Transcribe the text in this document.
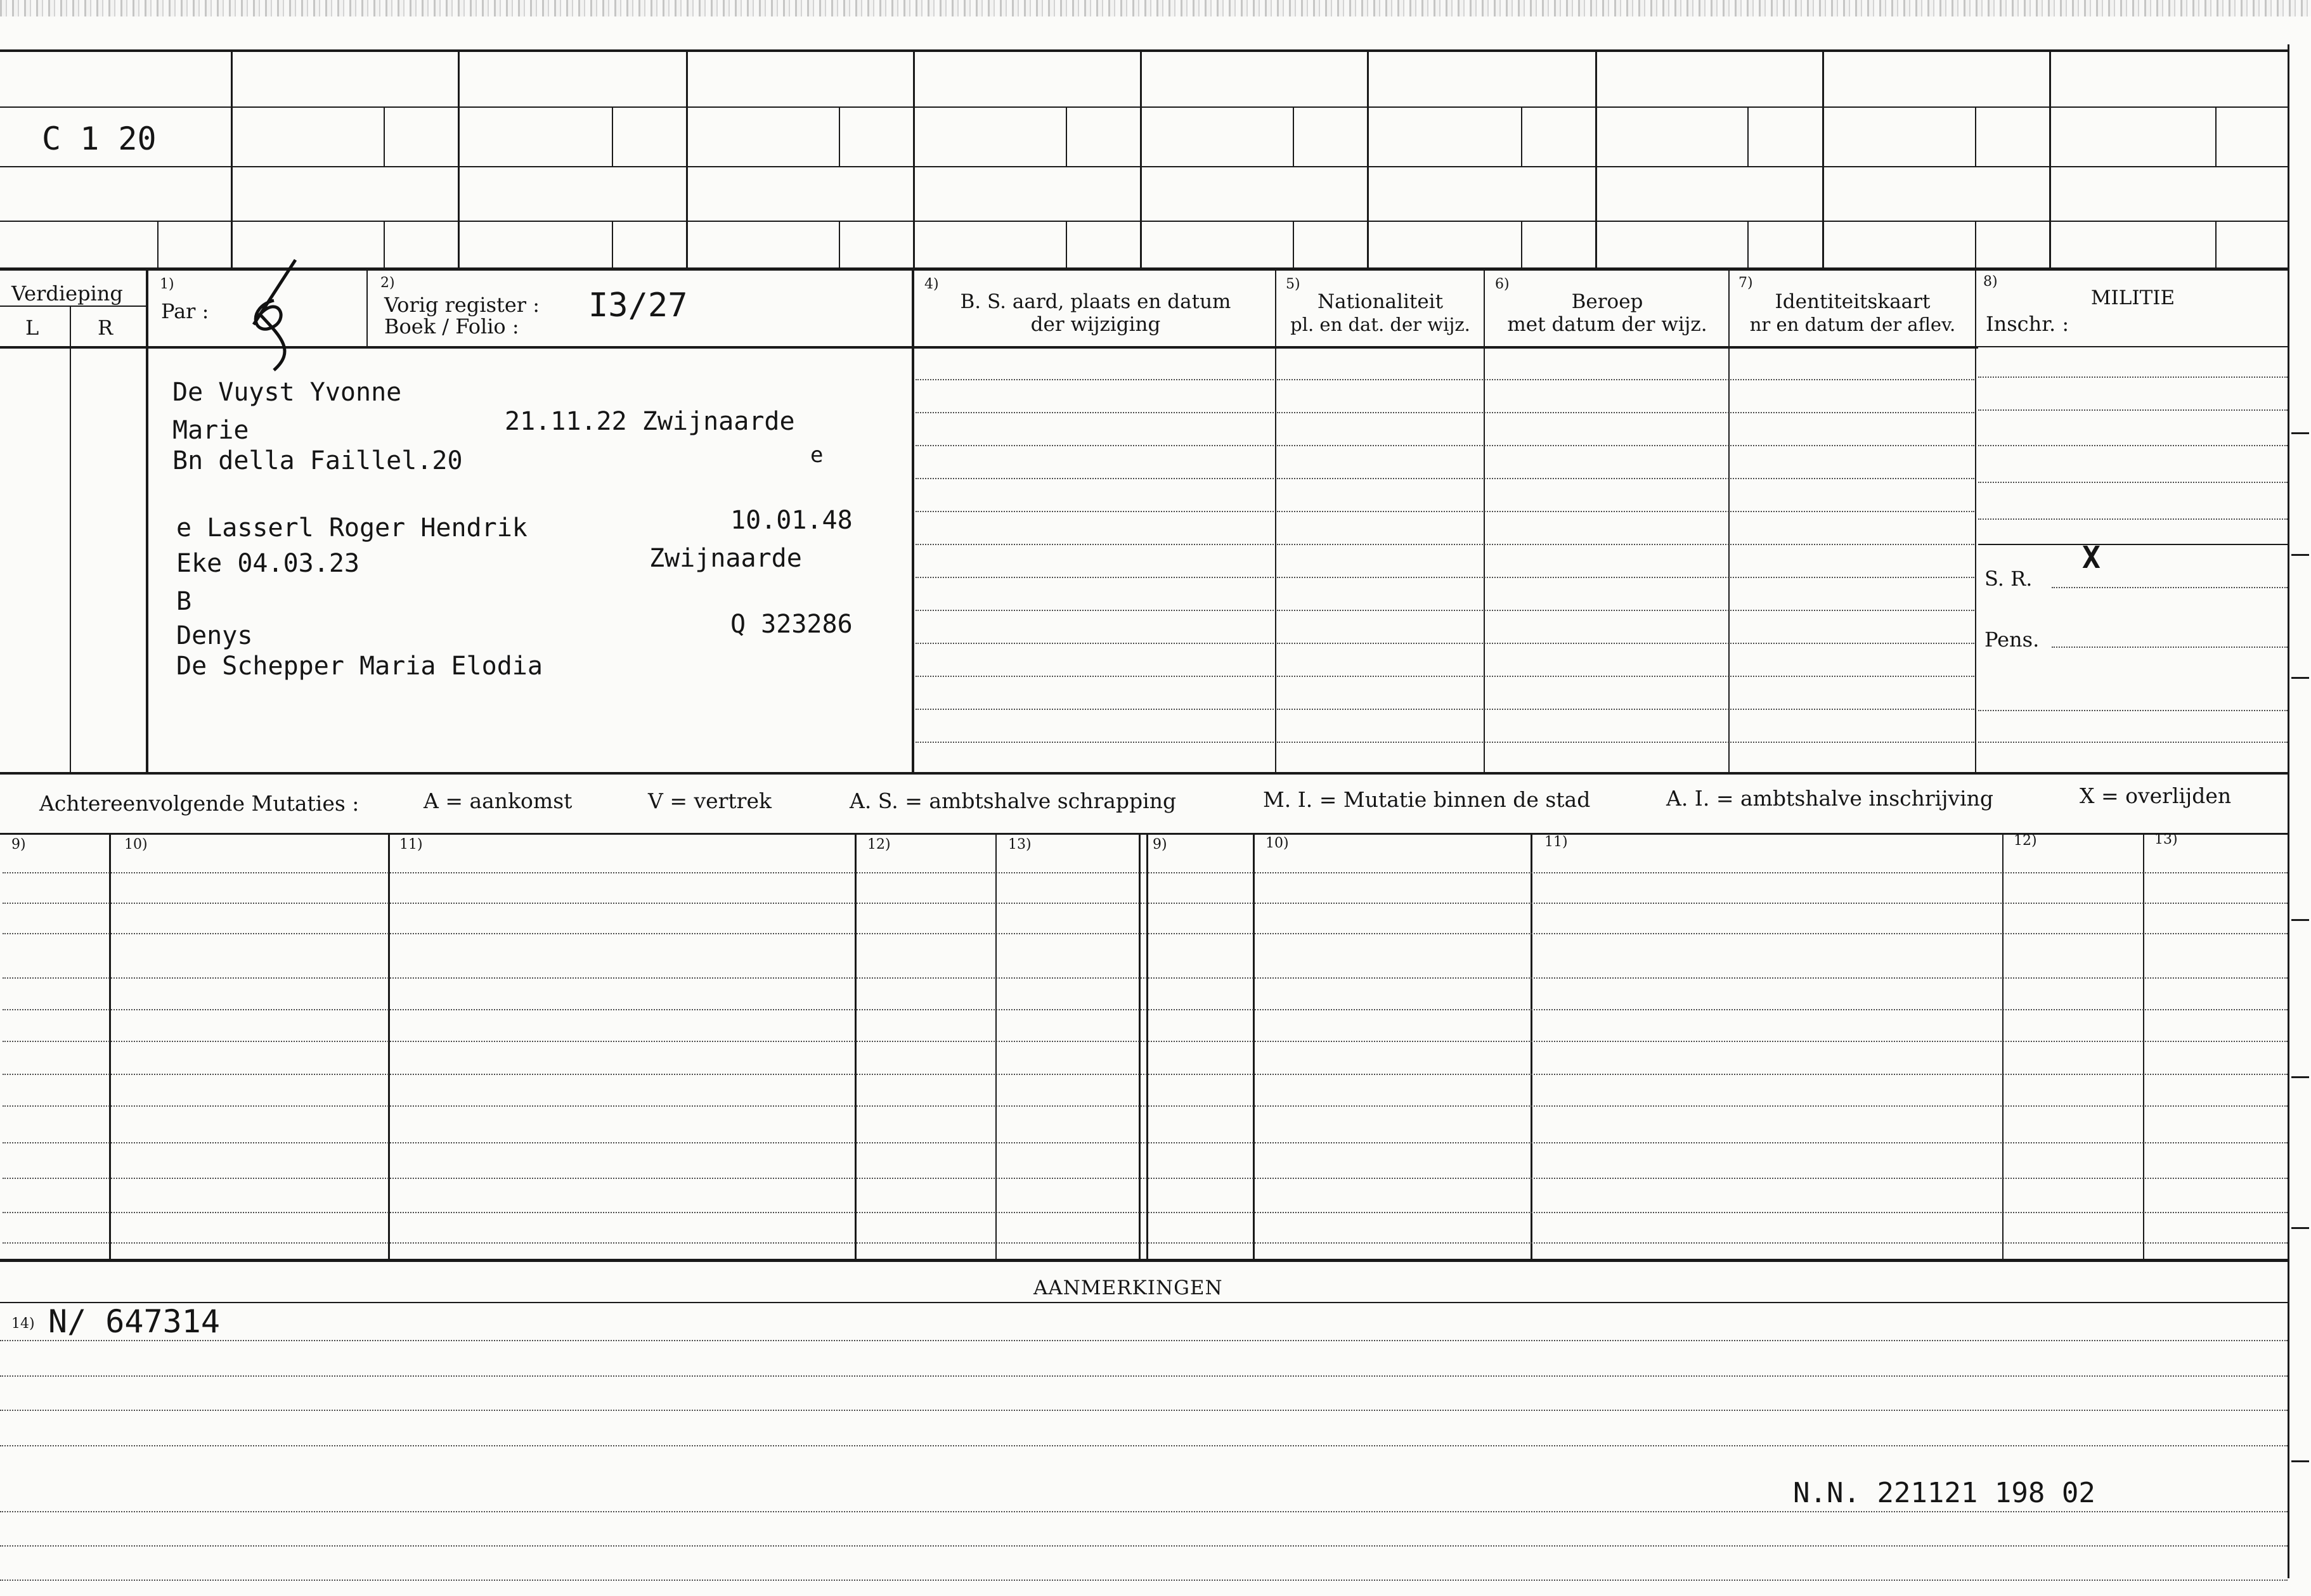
C 1 20
Verdieping
L	R
1)
Par :
2)
Vorig register :
Boek / Folio :
I3/27
4)
B. S. aard, plaats en datum
der wijziging
5)
Nationaliteit
pl. en dat. der wijz.
6)
Beroep
met datum der wijz.
7)
Identiteitskaart
nr en datum der aflev.
8)
MILITIE
Inschr. :
De Vuyst Yvonne
Marie	21.11.22 Zwijnaarde
Bn della Faillel.20	e
e Lasserl Roger Hendrik	10.01.48
Eke 04.03.23	Zwijnaarde
B
Denys	Q 323286
De Schepper Maria Elodia
S. R.
X
Pens.
Achtereenvolgende Mutaties :	A = aankomst	V = vertrek	A. S. = ambtshalve schrapping	M. I. = Mutatie binnen de stad	A. I. = ambtshalve inschrijving	X = overlijden
9)	10)	11)	12)	13)	9)	10)	11)	12)	13)
AANMERKINGEN
14) N/ 647314
N.N. 221121 198 02
